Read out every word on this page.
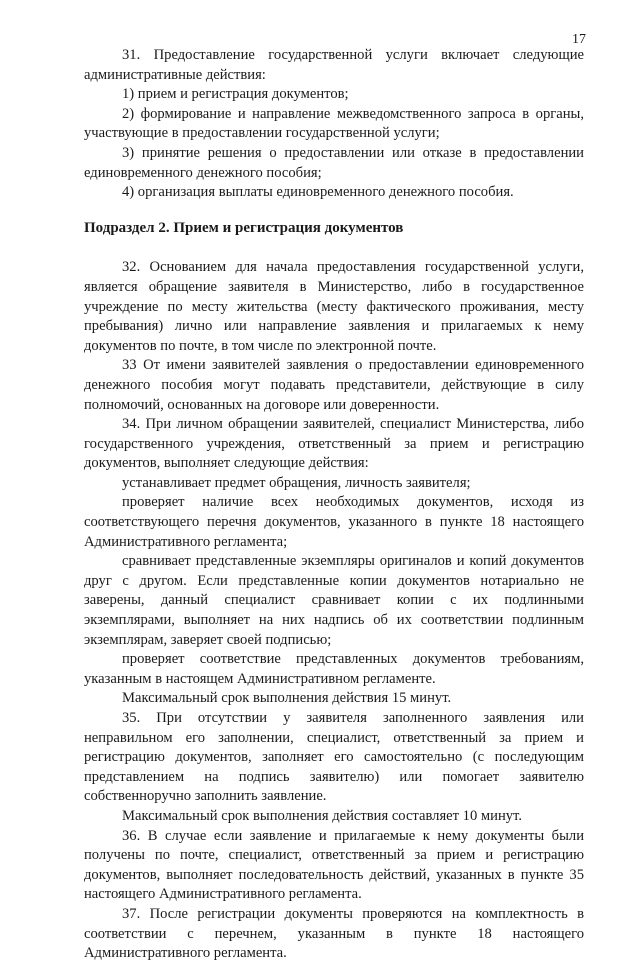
17

31. Предоставление государственной услуги включает следующие административные действия:

1) прием и регистрация документов;

2) формирование и направление межведомственного запроса в органы, участвующие в предоставлении государственной услуги;

3) принятие решения о предоставлении или отказе в предоставлении единовременного денежного пособия;

4) организация выплаты единовременного денежного пособия.

Подраздел 2. Прием и регистрация документов

32. Основанием для начала предоставления государственной услуги, является обращение заявителя в Министерство, либо в государственное учреждение по месту жительства (месту фактического проживания, месту пребывания) лично или направление заявления и прилагаемых к нему документов по почте, в том числе по электронной почте.

33 От имени заявителей заявления о предоставлении единовременного денежного пособия могут подавать представители, действующие в силу полномочий, основанных на договоре или доверенности.

34. При личном обращении заявителей, специалист Министерства, либо государственного учреждения, ответственный за прием и регистрацию документов, выполняет следующие действия:

устанавливает предмет обращения, личность заявителя;

проверяет наличие всех необходимых документов, исходя из соответствующего перечня документов, указанного в пункте 18 настоящего Административного регламента;

сравнивает представленные экземпляры оригиналов и копий документов друг с другом. Если представленные копии документов нотариально не заверены, данный специалист сравнивает копии с их подлинными экземплярами, выполняет на них надпись об их соответствии подлинным экземплярам, заверяет своей подписью;

проверяет соответствие представленных документов требованиям, указанным в настоящем Административном регламенте.

Максимальный срок выполнения действия 15 минут.

35. При отсутствии у заявителя заполненного заявления или неправильном его заполнении, специалист, ответственный за прием и регистрацию документов, заполняет его самостоятельно (с последующим представлением на подпись заявителю) или помогает заявителю собственноручно заполнить заявление.

Максимальный срок выполнения действия составляет 10 минут.

36. В случае если заявление и прилагаемые к нему документы были получены по почте, специалист, ответственный за прием и регистрацию документов, выполняет последовательность действий, указанных в пункте 35 настоящего Административного регламента.

37. После регистрации документы проверяются на комплектность в соответствии с перечнем, указанным в пункте 18 настоящего Административного регламента.
